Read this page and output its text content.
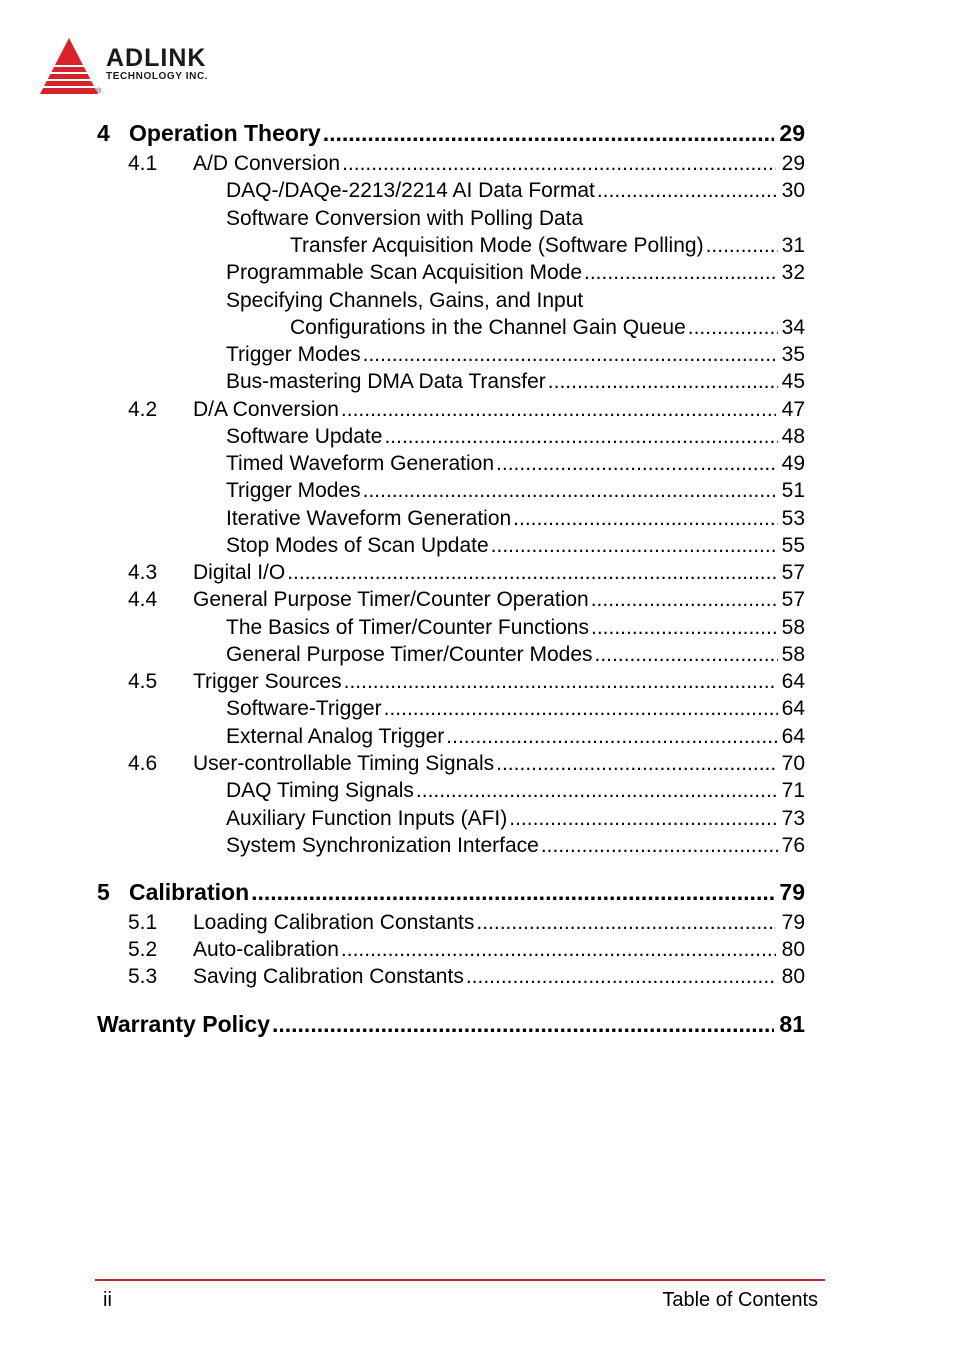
ADLINK
TECHNOLOGY INC.
®
4 Operation Theory .....	29
4.1 A/D Conversion .....	29
DAQ-/DAQe-2213/2214 AI Data Format .....	30
Software Conversion with Polling Data
Transfer Acquisition Mode (Software Polling) .....	31
Programmable Scan Acquisition Mode .....	32
Specifying Channels, Gains, and Input
Configurations in the Channel Gain Queue .....	34
Trigger Modes .....	35
Bus-mastering DMA Data Transfer .....	45
4.2 D/A Conversion .....	47
Software Update .....	48
Timed Waveform Generation .....	49
Trigger Modes .....	51
Iterative Waveform Generation .....	53
Stop Modes of Scan Update .....	55
4.3 Digital I/O .....	57
4.4 General Purpose Timer/Counter Operation .....	57
The Basics of Timer/Counter Functions .....	58
General Purpose Timer/Counter Modes .....	58
4.5 Trigger Sources .....	64
Software-Trigger .....	64
External Analog Trigger .....	64
4.6 User-controllable Timing Signals .....	70
DAQ Timing Signals .....	71
Auxiliary Function Inputs (AFI) .....	73
System Synchronization Interface .....	76
5 Calibration .....	79
5.1 Loading Calibration Constants .....	79
5.2 Auto-calibration .....	80
5.3 Saving Calibration Constants .....	80
Warranty Policy .....	81
ii	Table of Contents
